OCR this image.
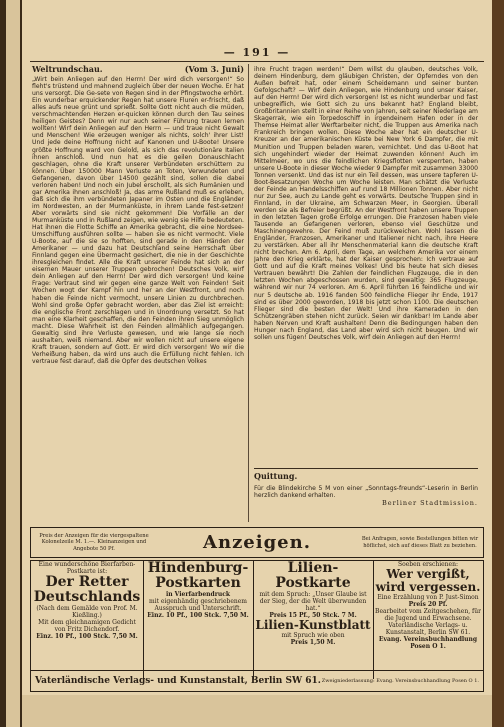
— 191 —
Weltrundschau.	(Vom 3. Juni)

„Wirt bein Anliegen auf den Herrn! Der wird dich versorgen!“ So fleht's trüstend und mahnend zugleich über der neuen Woche. Er hat uns versorgt. Die Ge-sete von Regen sind in der Pfingstwoche erhört. Ein wunderbar erquickender Regen hat unsere Fluren er-frischt, daß alles aufs neue grünt und sprießt. Sollte Gott nicht auch die müden, verschmachtenden Herzen er-quicken können durch den Tau seines heiligen Geistes? Denn wir nur auch seiner Führung trauen lernen wollten! Wirf dein Anliegen auf den Herrn — und traue nicht Gewalt und Menschen! Wie erzeugen weniger als nichts, solch' ihrer List! Und jede deine Hoffnung nicht auf Kanonen und U-Boote! Unsere größte Hoffnung ward von Gelold, als sich das revolutionäre Italien ihnen anschloß. Und nun hat es die geilen Donauschlacht geschlagen, ohne die Kraft unserer Verbündeten erschüttern zu können. Über 150000 Mann Verluste an Toten, Verwundeten und Gefangenen, davon über 14500 gezählt sind, sollen die dabei verloren haben! Und noch ein Jubel erschollt, als sich Rumänien und gar Amerika ihnen anschloß! Ja, das arme Rußland muß es erleben, daß sich die ihm verbündeten Japaner im Osten und die Engländer im Nordwesten, an der Murmanküste, in ihrem Lande fest-setzen! Aber vorwärts sind sie nicht gekommen! Die Vorfälle an der Murmanküste und in Rußland zeigen, wie wenig sie Hilfe bedeuteten. Hat ihnen die Flotte Schiffe an Amerika gebracht, die eine Nordsee-Umschiffung ausführen sollte — haben sie es nicht vermocht. Viele U-Boote, auf die sie so hofften, sind gerade in den Händen der Amerikaner — und dazu hat Deutschland seine Herrschaft über Finnland gegen eine Übermacht gesichert, die nie in der Geschichte ihresgleichen findet. Alle die Kraft unserer Feinde hat sich an der eisernen Mauer unserer Truppen gebrochen! Deutsches Volk, wirf dein Anliegen auf den Herrn! Der wird dich versorgen! Und keine Frage: Vertraut sind wir gegen eine ganze Welt von Feinden! Seit Wochen wogt der Kampf hin und her an der Westfront, und noch haben die Feinde nicht vermocht, unsere Linien zu durchbrechen. Wohl sind große Opfer gebracht worden, aber das Ziel ist erreicht: die englische Front zerschlagen und in Unordnung versetzt. So hat man eine Klarheit geschaffen, die den Feinden ihren Sieg unmöglich macht. Diese Wahrheit ist den Feinden allmählich aufgegangen. Gewaltig sind ihre Verluste gewesen, und wie lange sie noch aushalten, weiß niemand. Aber wir wollen nicht auf unsere eigene Kraft trauen, sondern auf Gott. Er wird dich versorgen! Wo wir die Verheißung haben, da wird uns auch die Erfüllung nicht fehlen. Ich vertraue fest darauf, daß die Opfer des deutschen Volkes

ihre Frucht tragen werden!“ Dem willst du glauben, deutsches Volk, deinem Hindenburg, dem gläubigen Christen, der Opferndes von den Außen befreit hat, oder einem Scheidemann und seiner bunten Gefolgschaft? — Wirf dein Anliegen, wie Hindenburg und unser Kaiser, auf den Herrn! Der wird dich versorgen! Ist es nicht wunderbar und fast unbegreiflich, wie Gott sich zu uns bekannt hat? England bleibt, Großbritannien stellt in einer Reihe von Jahren, seit seiner Niederlage am Skagerrak, wie ein Torpedoschiff in irgendeinem Hafen oder in der Themse Heimat aller Werftarbeiter nicht, die Truppen aus Amerika nach Frankreich bringen wollen. Diese Woche aber hat ein deutscher U-Kreuzer an der amerikanischen Küste bei New York 6 Dampfer, die mit Munition und Truppen beladen waren, vernichtet. Und das U-Boot hat sich ungehindert wieder der Heimat zuwenden können! Auch im Mittelmeer, wo uns die feindlichen Kriegsflotten versperrten, haben unsere U-Boote in dieser Woche wieder 9 Dampfer mit zusammen 33000 Tonnen versenkt. Und das ist nur ein Teil dessen, was unsere tapferen U-Boot-Besatzungen Woche um Woche leisten. Man schätzt die Verluste der Feinde an Handelsschiffen auf rund 18 Millionen Tonnen. Aber nicht nur zur See, auch zu Lande geht es vorwärts. Deutsche Truppen sind in Finnland, in der Ukraine, am Schwarzen Meer, in Georgien. Überall werden sie als Befreier begrüßt. An der Westfront haben unsere Truppen in den letzten Tagen große Erfolge errungen. Die Franzosen haben viele Tausende an Gefangenen verloren, ebenso viel Geschütze und Maschinengewehre. Der Feind muß zurückweichen. Wohl lassen die Engländer, Franzosen, Amerikaner und Italiener nicht nach, ihre Heere zu verstärken. Aber all ihr Menschenmaterial kann die deutsche Kraft nicht brechen. Am 6. April, dem Tage, an welchem Amerika vor einem Jahre den Krieg erklärte, hat der Kaiser gesprochen: Ich vertraue auf Gott und auf die Kraft meines Volkes! Und bis heute hat sich dieses Vertrauen bewährt! Die Zahlen der feindlichen Flugzeuge, die in den letzten Wochen abgeschossen wurden, sind gewaltig: 365 Flugzeuge, während wir nur 74 verloren. Am 6. April führten 16 feindliche und wir nur 5 deutsche ab. 1916 fanden 500 feindliche Flieger ihr Ende, 1917 sind es über 2000 geworden, 1918 bis jetzt schon 1100. Die deutschen Flieger sind die besten der Welt! Und ihre Kameraden in den Schützengräben stehen nicht zurück. Seien wir dankbar! Im Lande aber haben Nerven und Kraft aushalten! Denn die Bedingungen haben den Hunger nach England, das Land aber wird sich nicht beugen. Und wir sollen uns fügen! Deutsches Volk, wirf dein Anliegen auf den Herrn!

Quittung.
Für die Blindekirche 5 M von einer „Sonntags-freunds“-Leserin in Berlin herzlich dankend erhalten.
Berliner Stadtmission.
Preis der Anzeigen für die viergespaltene Kolonelzeile M. 1.—. Kleinanzeigen und Angebote 50 Pf.	Anzeigen.	Bei Anfragen, sowie Bestellungen bitten wir höflichst, sich auf dieses Blatt zu beziehen.
Eine wunderschöne Bierfarben-Postkarte ist:
Der Retter Deutschlands
(Nach dem Gemälde von Prof. M. Kießling.)
Mit dem gleichnamigen Gedicht von Fritz Dichendorf.
Einz. 10 Pf., 100 Stck. 7,50 M.
Hindenburg-Postkarten
in Vierfarbendruck
mit eigenhändig geschriebenem Ausspruch und Unterschrift.
Einz. 10 Pf., 100 Stck. 7,50 M.
Lilien-Postkarte
mit dem Spruch: „Unser Glaube ist der Sieg, der die Welt überwunden hat.“
Preis 15 Pf., 50 Stck. 7 M.
Lilien-Kunstblatt
mit Spruch wie oben
Preis 1,50 M.
Soeben erschienen:
Wer vergißt, wird vergessen.
Eine Erzählung von P. Just-Simon
Preis 20 Pf.
Bearbeitet vom Zeitgeschehen, für die Jugend und Erwachsene. Vaterländische Verlags- u. Kunstanstalt, Berlin SW 61.
Evang. Vereinsbuchhandlung Posen O 1.
Vaterländische Verlags- und Kunstanstalt, Berlin SW 61. Zweigniederlassung: Evang. Vereinsbuchhandlung Posen O 1.
